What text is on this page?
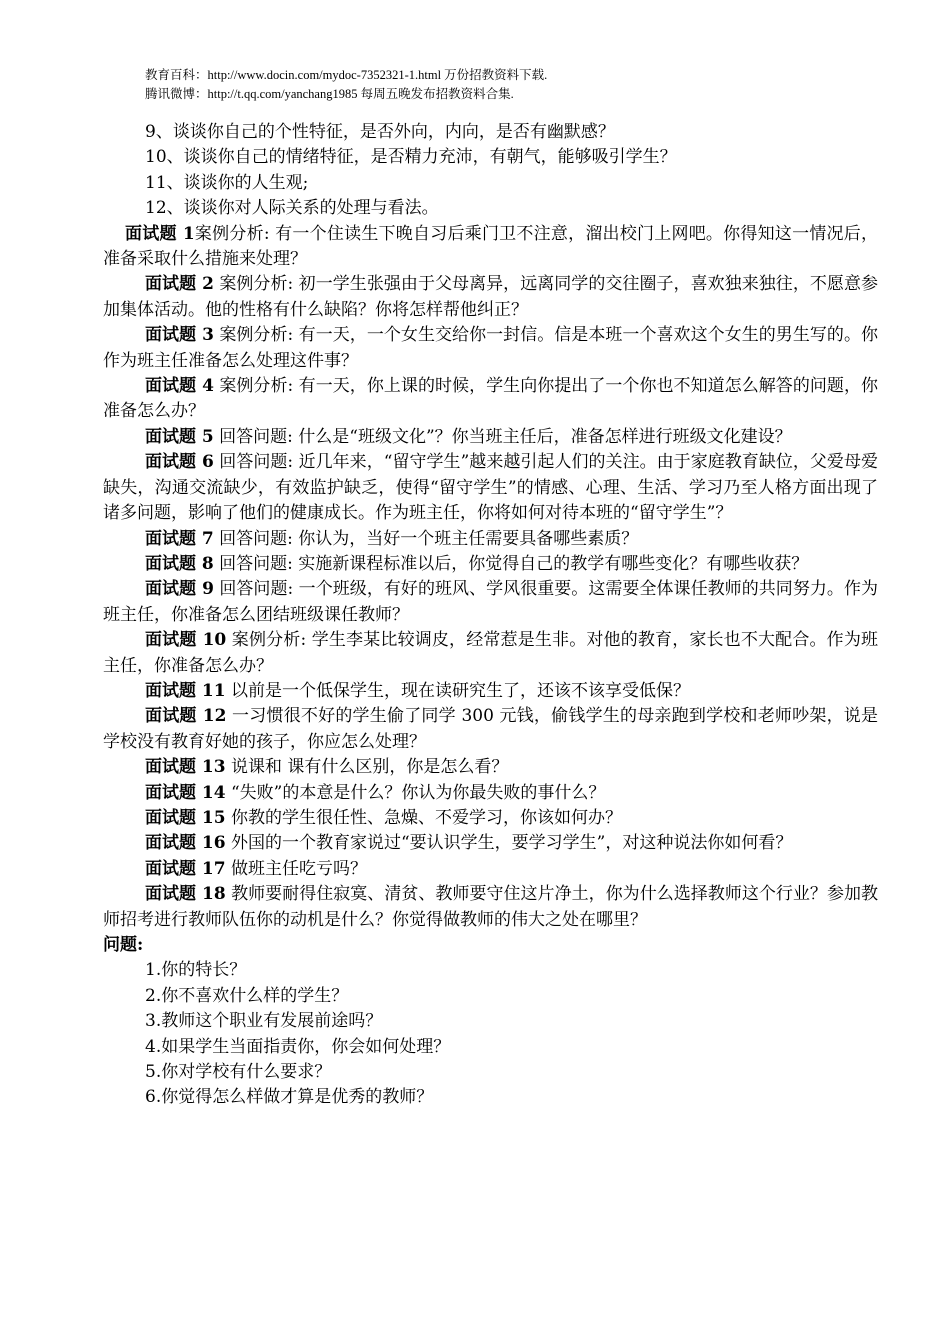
教育百科：http://www.docin.com/mydoc-7352321-1.html 万份招教资料下载.
腾讯微博：http://t.qq.com/yanchang1985 每周五晚发布招教资料合集.

9、谈谈你自己的个性特征，是否外向，内向，是否有幽默感？

10、谈谈你自己的情绪特征，是否精力充沛，有朝气，能够吸引学生？

11、谈谈你的人生观;

12、谈谈你对人际关系的处理与看法。

面试题 1案例分析: 有一个住读生下晚自习后乘门卫不注意，溜出校门上网吧。你得知这一情况后，准备采取什么措施来处理？

面试题 2 案例分析: 初一学生张强由于父母离异，远离同学的交往圈子，喜欢独来独往，不愿意参加集体活动。他的性格有什么缺陷？你将怎样帮他纠正？

面试题 3 案例分析: 有一天，一个女生交给你一封信。信是本班一个喜欢这个女生的男生写的。你作为班主任准备怎么处理这件事？

面试题 4 案例分析: 有一天，你上课的时候，学生向你提出了一个你也不知道怎么解答的问题，你准备怎么办？

面试题 5 回答问题: 什么是“班级文化”？你当班主任后，准备怎样进行班级文化建设？

面试题 6 回答问题: 近几年来，“留守学生”越来越引起人们的关注。由于家庭教育缺位，父爱母爱缺失，沟通交流缺少，有效监护缺乏，使得“留守学生”的情感、心理、生活、学习乃至人格方面出现了诸多问题，影响了他们的健康成长。作为班主任，你将如何对待本班的“留守学生”？

面试题 7 回答问题: 你认为，当好一个班主任需要具备哪些素质？

面试题 8 回答问题: 实施新课程标准以后，你觉得自己的教学有哪些变化？有哪些收获？

面试题 9 回答问题: 一个班级，有好的班风、学风很重要。这需要全体课任教师的共同努力。作为班主任，你准备怎么团结班级课任教师？

面试题 10 案例分析: 学生李某比较调皮，经常惹是生非。对他的教育，家长也不大配合。作为班主任，你准备怎么办？

面试题 11 以前是一个低保学生，现在读研究生了，还该不该享受低保？

面试题 12 一习惯很不好的学生偷了同学 300 元钱，偷钱学生的母亲跑到学校和老师吵架，说是学校没有教育好她的孩子，你应怎么处理？

面试题 13 说课和 课有什么区别，你是怎么看？

面试题 14 “失败”的本意是什么？你认为你最失败的事什么？

面试题 15 你教的学生很任性、急燥、不爱学习，你该如何办？

面试题 16 外国的一个教育家说过“要认识学生，要学习学生”，对这种说法你如何看？

面试题 17 做班主任吃亏吗？

面试题 18 教师要耐得住寂寞、清贫、教师要守住这片净土，你为什么选择教师这个行业？参加教师招考进行教师队伍你的动机是什么？你觉得做教师的伟大之处在哪里？

问题:

1.你的特长？

2.你不喜欢什么样的学生？

3.教师这个职业有发展前途吗？

4.如果学生当面指责你，你会如何处理？

5.你对学校有什么要求？

6.你觉得怎么样做才算是优秀的教师？
